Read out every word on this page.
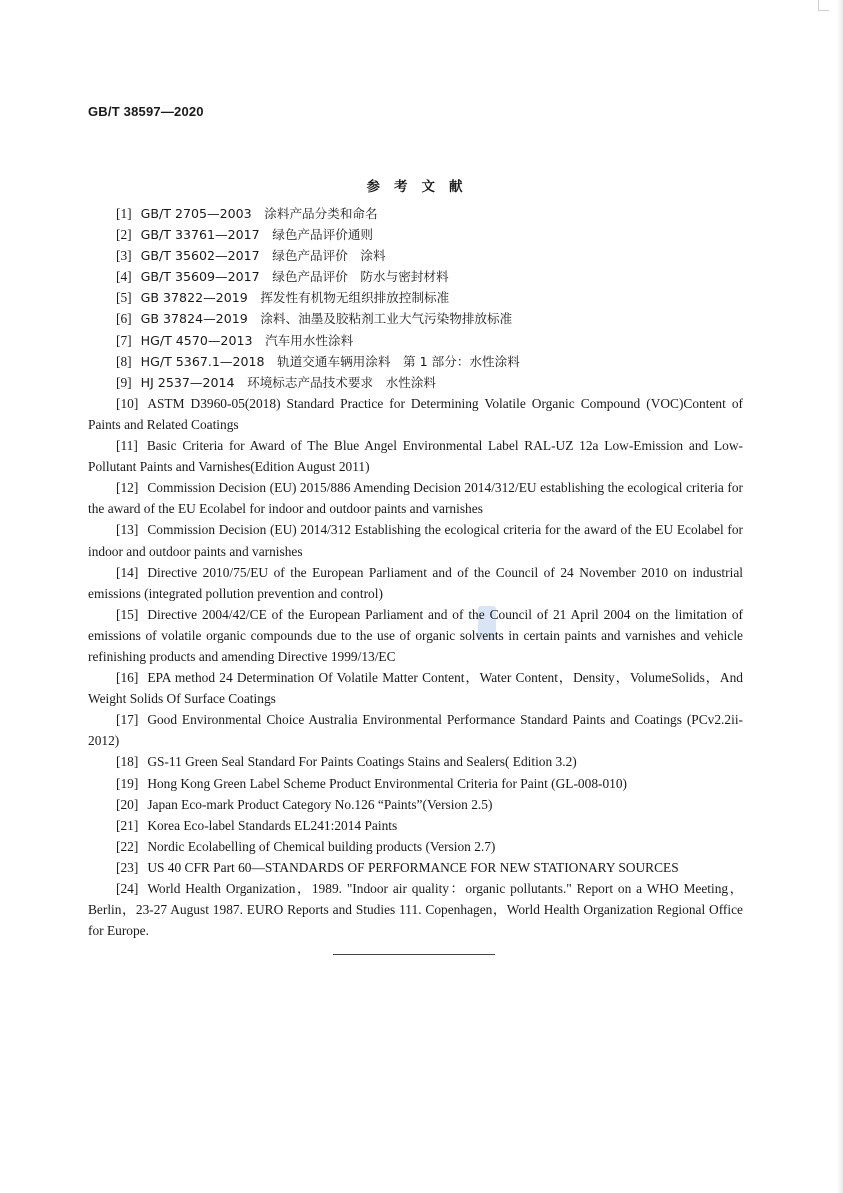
GB/T 38597—2020
参考文献

[1] GB/T 2705—2003　涂料产品分类和命名

[2] GB/T 33761—2017　绿色产品评价通则

[3] GB/T 35602—2017　绿色产品评价　涂料

[4] GB/T 35609—2017　绿色产品评价　防水与密封材料

[5] GB 37822—2019　挥发性有机物无组织排放控制标准

[6] GB 37824—2019　涂料、油墨及胶粘剂工业大气污染物排放标准

[7] HG/T 4570—2013　汽车用水性涂料

[8] HG/T 5367.1—2018　轨道交通车辆用涂料　第 1 部分：水性涂料

[9] HJ 2537—2014　环境标志产品技术要求　水性涂料

[10] ASTM D3960-05(2018) Standard Practice for Determining Volatile Organic Compound (VOC)Content of Paints and Related Coatings

[11] Basic Criteria for Award of The Blue Angel Environmental Label RAL-UZ 12a Low-Emission and Low-Pollutant Paints and Varnishes(Edition August 2011)

[12] Commission Decision (EU) 2015/886 Amending Decision 2014/312/EU establishing the ecological criteria for the award of the EU Ecolabel for indoor and outdoor paints and varnishes

[13] Commission Decision (EU) 2014/312 Establishing the ecological criteria for the award of the EU Ecolabel for indoor and outdoor paints and varnishes

[14] Directive 2010/75/EU of the European Parliament and of the Council of 24 November 2010 on industrial emissions (integrated pollution prevention and control)

[15] Directive 2004/42/CE of the European Parliament and of the Council of 21 April 2004 on the limitation of emissions of volatile organic compounds due to the use of organic solvents in certain paints and varnishes and vehicle refinishing products and amending Directive 1999/13/EC

[16] EPA method 24 Determination Of Volatile Matter Content，Water Content，Density，VolumeSolids，And Weight Solids Of Surface Coatings

[17] Good Environmental Choice Australia Environmental Performance Standard Paints and Coatings (PCv2.2ii-2012)

[18] GS-11 Green Seal Standard For Paints Coatings Stains and Sealers( Edition 3.2)

[19] Hong Kong Green Label Scheme Product Environmental Criteria for Paint (GL-008-010)

[20] Japan Eco-mark Product Category No.126 “Paints”(Version 2.5)

[21] Korea Eco-label Standards EL241:2014 Paints

[22] Nordic Ecolabelling of Chemical building products (Version 2.7)

[23] US 40 CFR Part 60—STANDARDS OF PERFORMANCE FOR NEW STATIONARY SOURCES

[24] World Health Organization，1989. "Indoor air quality：organic pollutants." Report on a WHO Meeting，Berlin，23-27 August 1987. EURO Reports and Studies 111. Copenhagen，World Health Organization Regional Office for Europe.
